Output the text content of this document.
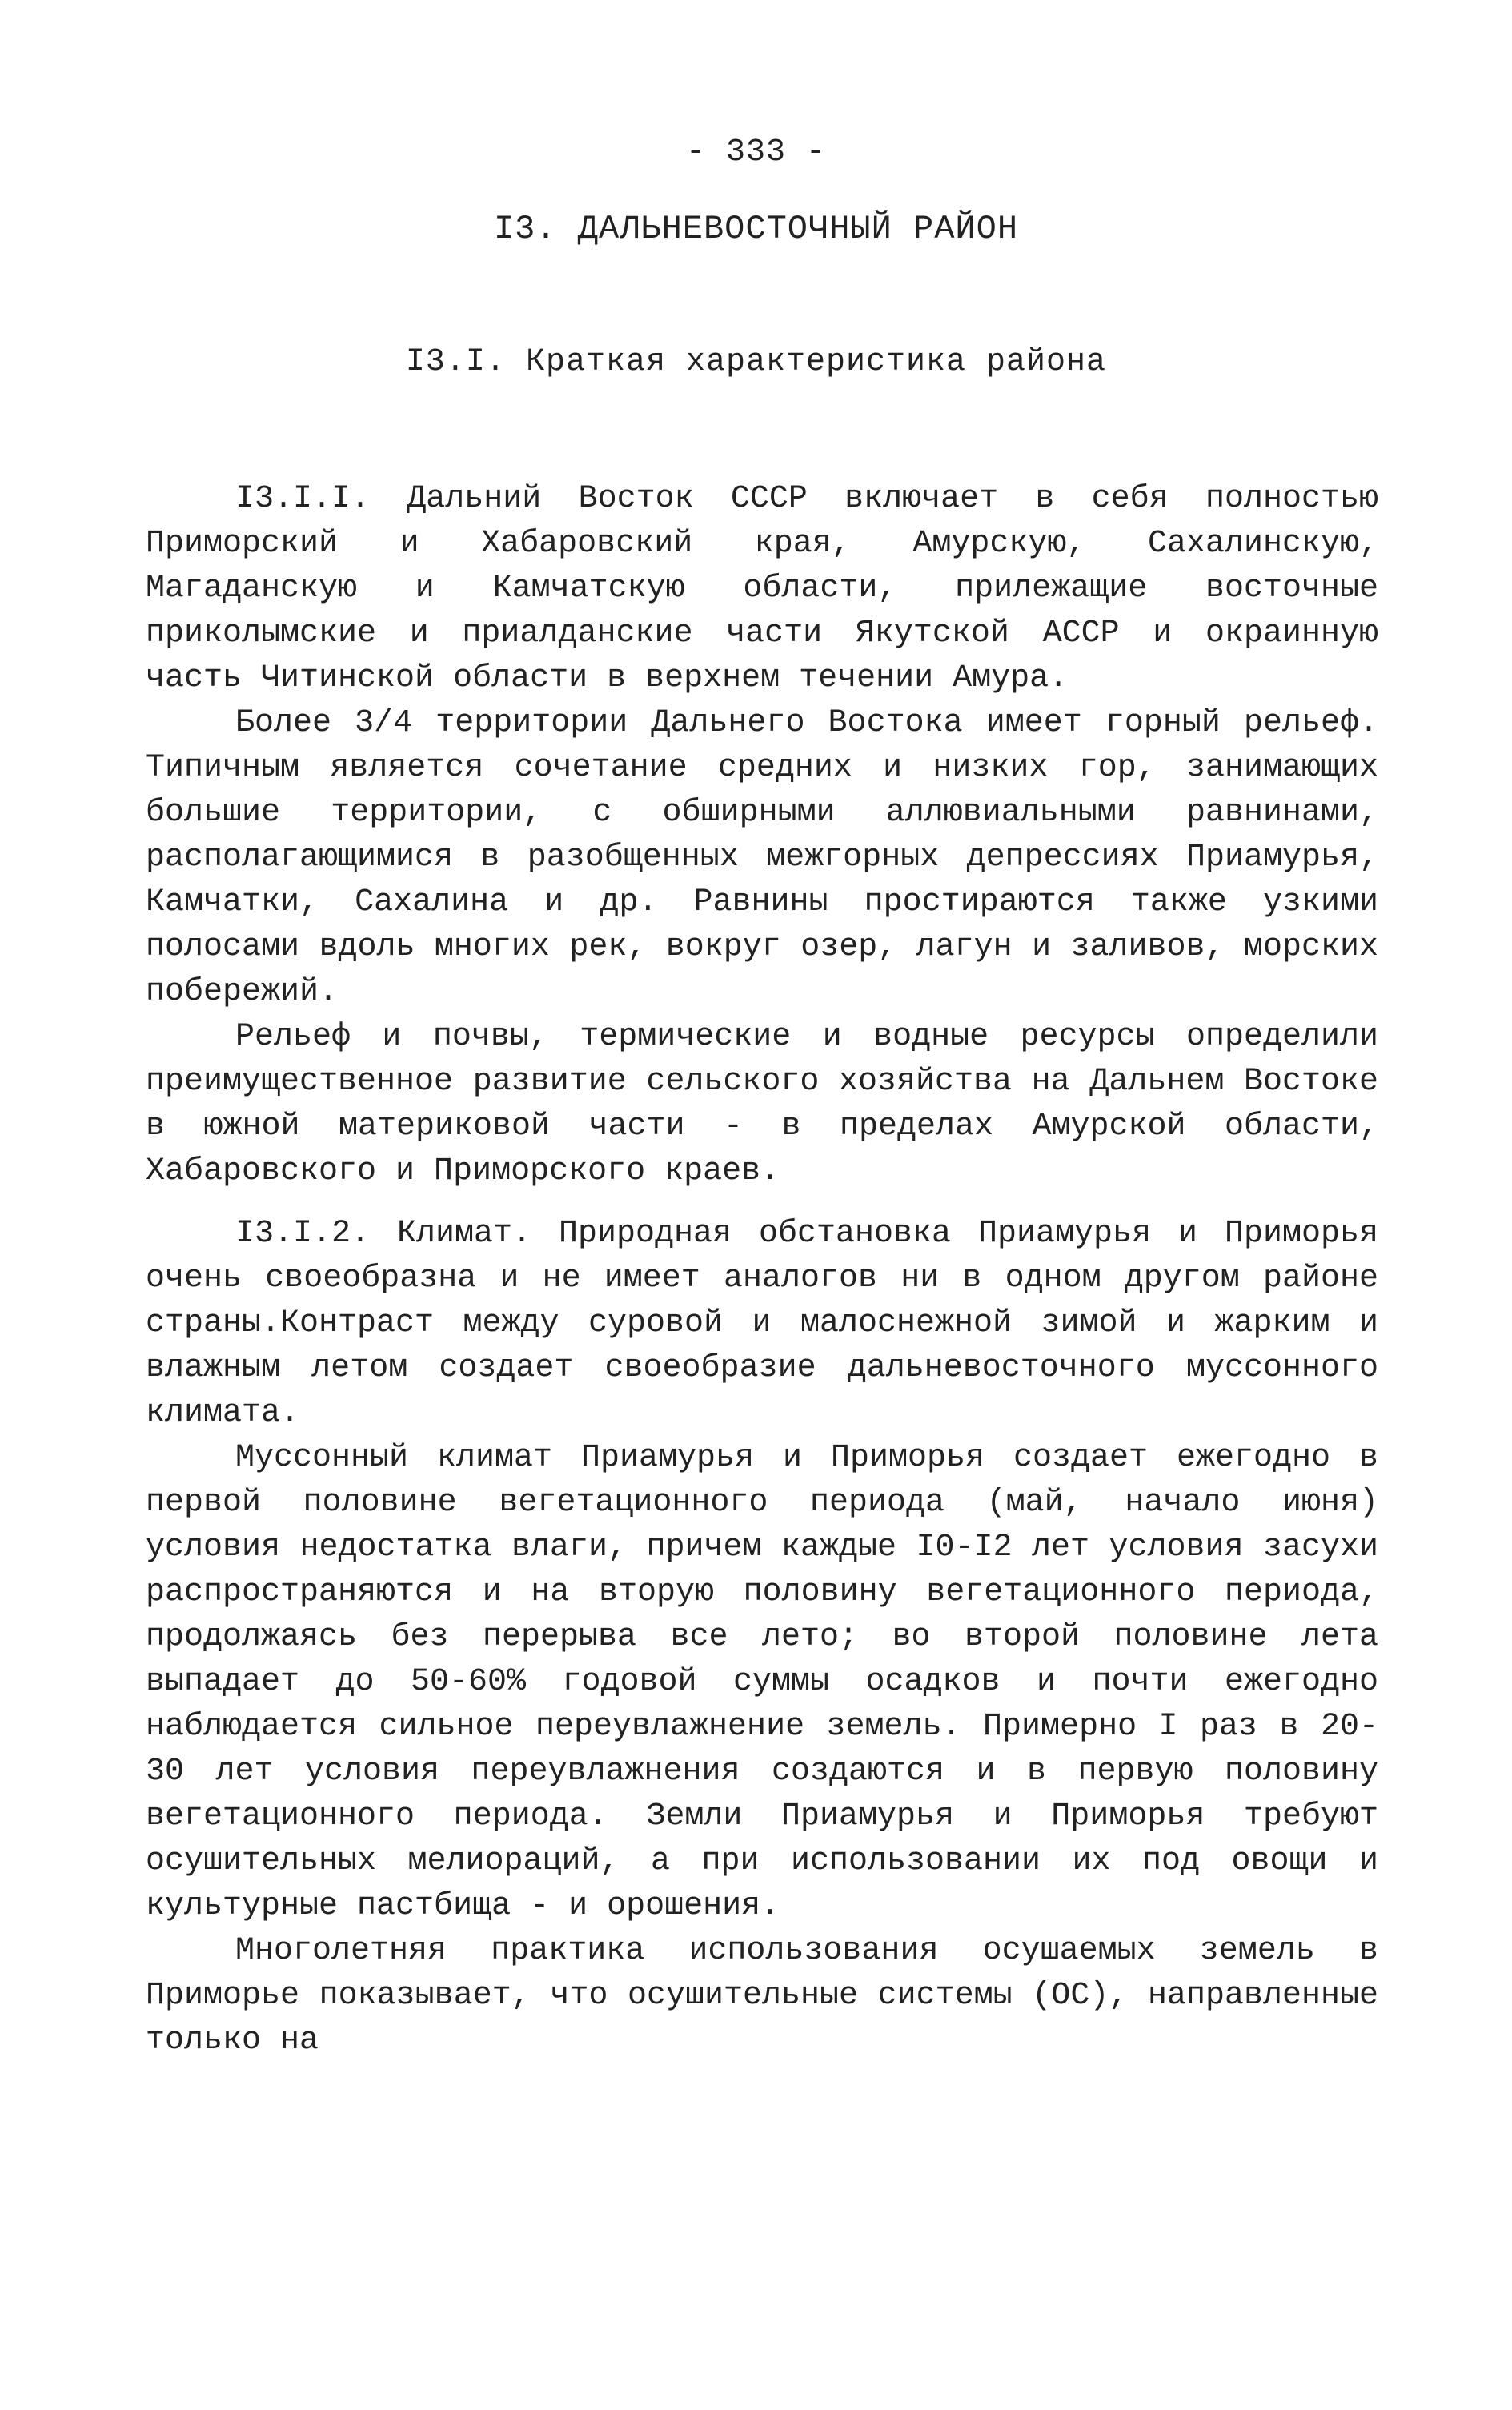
- 333 -
I3. ДАЛЬНЕВОСТОЧНЫЙ РАЙОН
I3.I. Краткая характеристика района

I3.I.I. Дальний Восток СССР включает в себя полностью Приморский и Хабаровский края, Амурскую, Сахалинскую, Магаданскую и Камчатскую области, прилежащие восточные приколымские и приалданские части Якутской АССР и окраинную часть Читинской области в верхнем течении Амура.

Более 3/4 территории Дальнего Востока имеет горный рельеф. Типичным является сочетание средних и низких гор, занимающих большие территории, с обширными аллювиальными равнинами, располагающимися в разобщенных межгорных депрессиях Приамурья, Камчатки, Сахалина и др. Равнины простираются также узкими полосами вдоль многих рек, вокруг озер, лагун и заливов, морских побережий.

Рельеф и почвы, термические и водные ресурсы определили преимущественное развитие сельского хозяйства на Дальнем Востоке в южной материковой части - в пределах Амурской области, Хабаровского и Приморского краев.

I3.I.2. Климат. Природная обстановка Приамурья и Приморья очень своеобразна и не имеет аналогов ни в одном другом районе страны.Контраст между суровой и малоснежной зимой и жарким и влажным летом создает своеобразие дальневосточного муссонного климата.

Муссонный климат Приамурья и Приморья создает ежегодно в первой половине вегетационного периода (май, начало июня) условия недостатка влаги, причем каждые I0-I2 лет условия засухи распространяются и на вторую половину вегетационного периода, продолжаясь без перерыва все лето; во второй половине лета выпадает до 50-60% годовой суммы осадков и почти ежегодно наблюдается сильное переувлажнение земель. Примерно I раз в 20-30 лет условия переувлажнения создаются и в первую половину вегетационного периода. Земли Приамурья и Приморья требуют осушительных мелиораций, а при использовании их под овощи и культурные пастбища - и орошения.

Многолетняя практика использования осушаемых земель в Приморье показывает, что осушительные системы (ОС), направленные только на
